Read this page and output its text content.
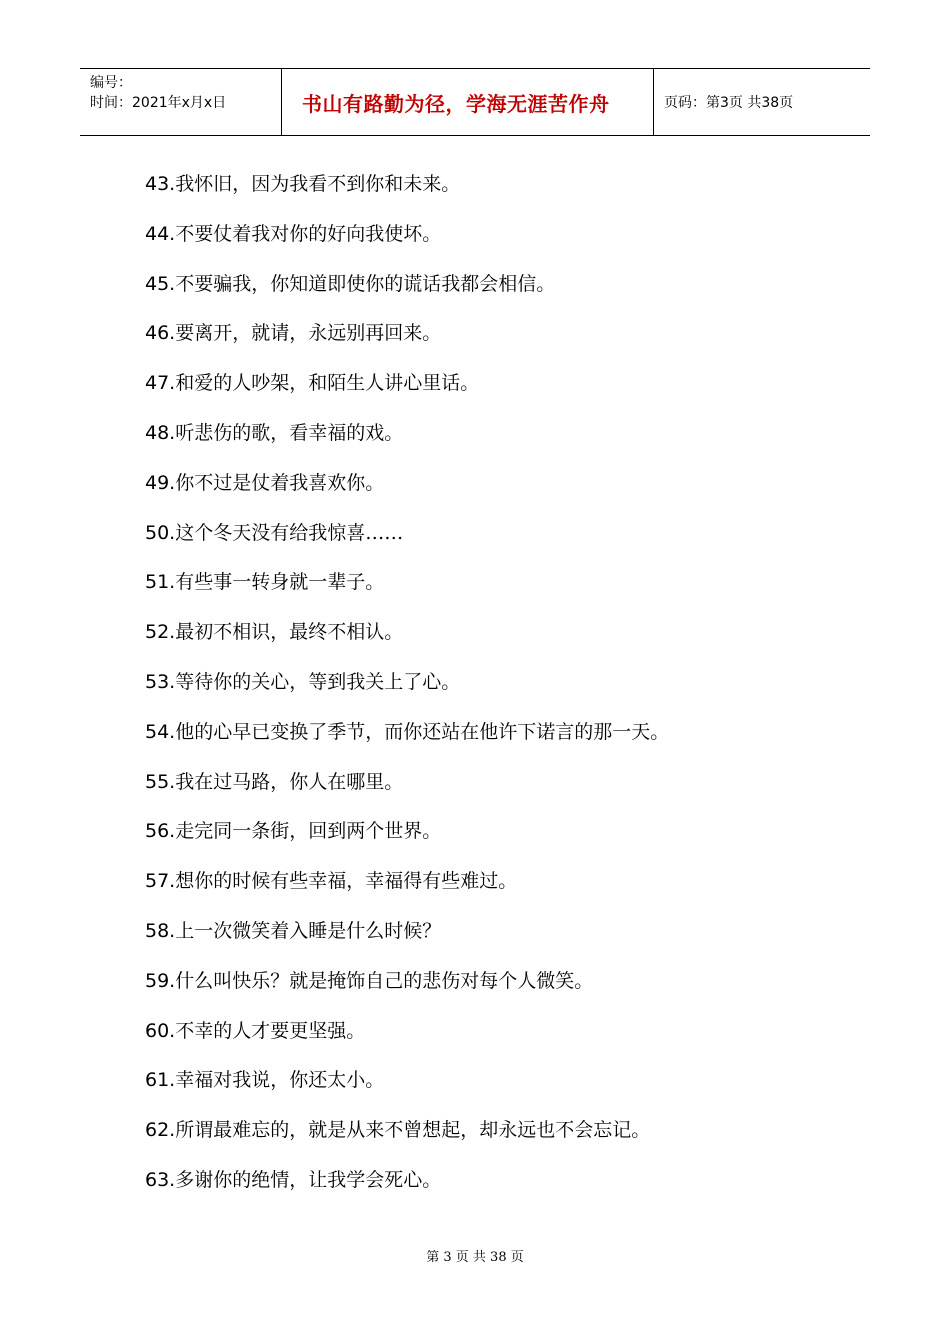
编号：
时间：2021年x月x日	书山有路勤为径，学海无涯苦作舟	页码：第3页 共38页
43.我怀旧，因为我看不到你和未来。
44.不要仗着我对你的好向我使坏。
45.不要骗我，你知道即使你的谎话我都会相信。
46.要离开，就请，永远别再回来。
47.和爱的人吵架，和陌生人讲心里话。
48.听悲伤的歌，看幸福的戏。
49.你不过是仗着我喜欢你。
50.这个冬天没有给我惊喜……
51.有些事一转身就一辈子。
52.最初不相识，最终不相认。
53.等待你的关心，等到我关上了心。
54.他的心早已变换了季节，而你还站在他许下诺言的那一天。
55.我在过马路，你人在哪里。
56.走完同一条街，回到两个世界。
57.想你的时候有些幸福，幸福得有些难过。
58.上一次微笑着入睡是什么时候？
59.什么叫快乐？就是掩饰自己的悲伤对每个人微笑。
60.不幸的人才要更坚强。
61.幸福对我说，你还太小。
62.所谓最难忘的，就是从来不曾想起，却永远也不会忘记。
63.多谢你的绝情，让我学会死心。
第 3 页 共 38 页
